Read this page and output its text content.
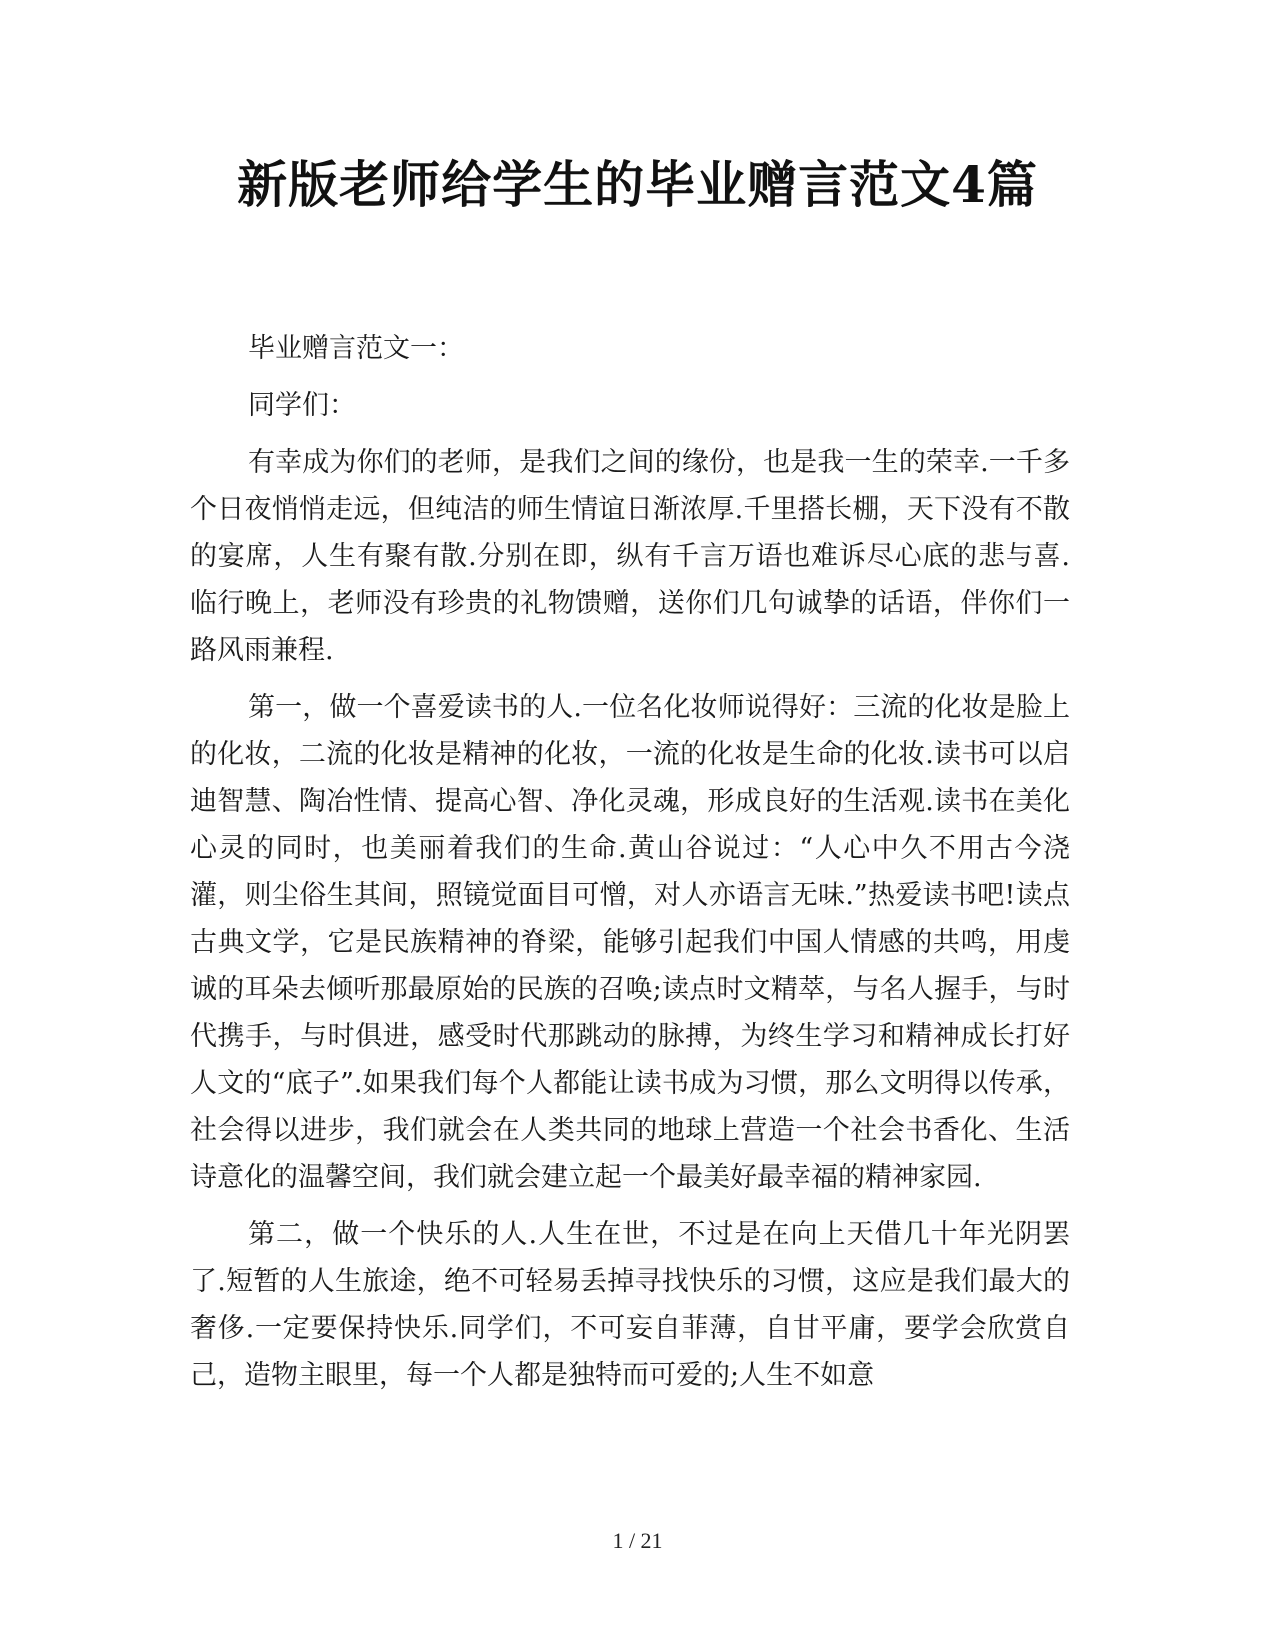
新版老师给学生的毕业赠言范文4篇

毕业赠言范文一：

同学们：

有幸成为你们的老师，是我们之间的缘份，也是我一生的荣幸.一千多个日夜悄悄走远，但纯洁的师生情谊日渐浓厚.千里搭长棚，天下没有不散的宴席，人生有聚有散.分别在即，纵有千言万语也难诉尽心底的悲与喜.临行晚上，老师没有珍贵的礼物馈赠，送你们几句诚挚的话语，伴你们一路风雨兼程.

第一，做一个喜爱读书的人.一位名化妆师说得好：三流的化妆是脸上的化妆，二流的化妆是精神的化妆，一流的化妆是生命的化妆.读书可以启迪智慧、陶冶性情、提高心智、净化灵魂，形成良好的生活观.读书在美化心灵的同时，也美丽着我们的生命.黄山谷说过：“人心中久不用古今浇灌，则尘俗生其间，照镜觉面目可憎，对人亦语言无味.”热爱读书吧!读点古典文学，它是民族精神的脊梁，能够引起我们中国人情感的共鸣，用虔诚的耳朵去倾听那最原始的民族的召唤;读点时文精萃，与名人握手，与时代携手，与时俱进，感受时代那跳动的脉搏，为终生学习和精神成长打好人文的“底子”.如果我们每个人都能让读书成为习惯，那么文明得以传承，社会得以进步，我们就会在人类共同的地球上营造一个社会书香化、生活诗意化的温馨空间，我们就会建立起一个最美好最幸福的精神家园.

第二，做一个快乐的人.人生在世，不过是在向上天借几十年光阴罢了.短暂的人生旅途，绝不可轻易丢掉寻找快乐的习惯，这应是我们最大的奢侈.一定要保持快乐.同学们，不可妄自菲薄，自甘平庸，要学会欣赏自己，造物主眼里，每一个人都是独特而可爱的;人生不如意

1 / 21
